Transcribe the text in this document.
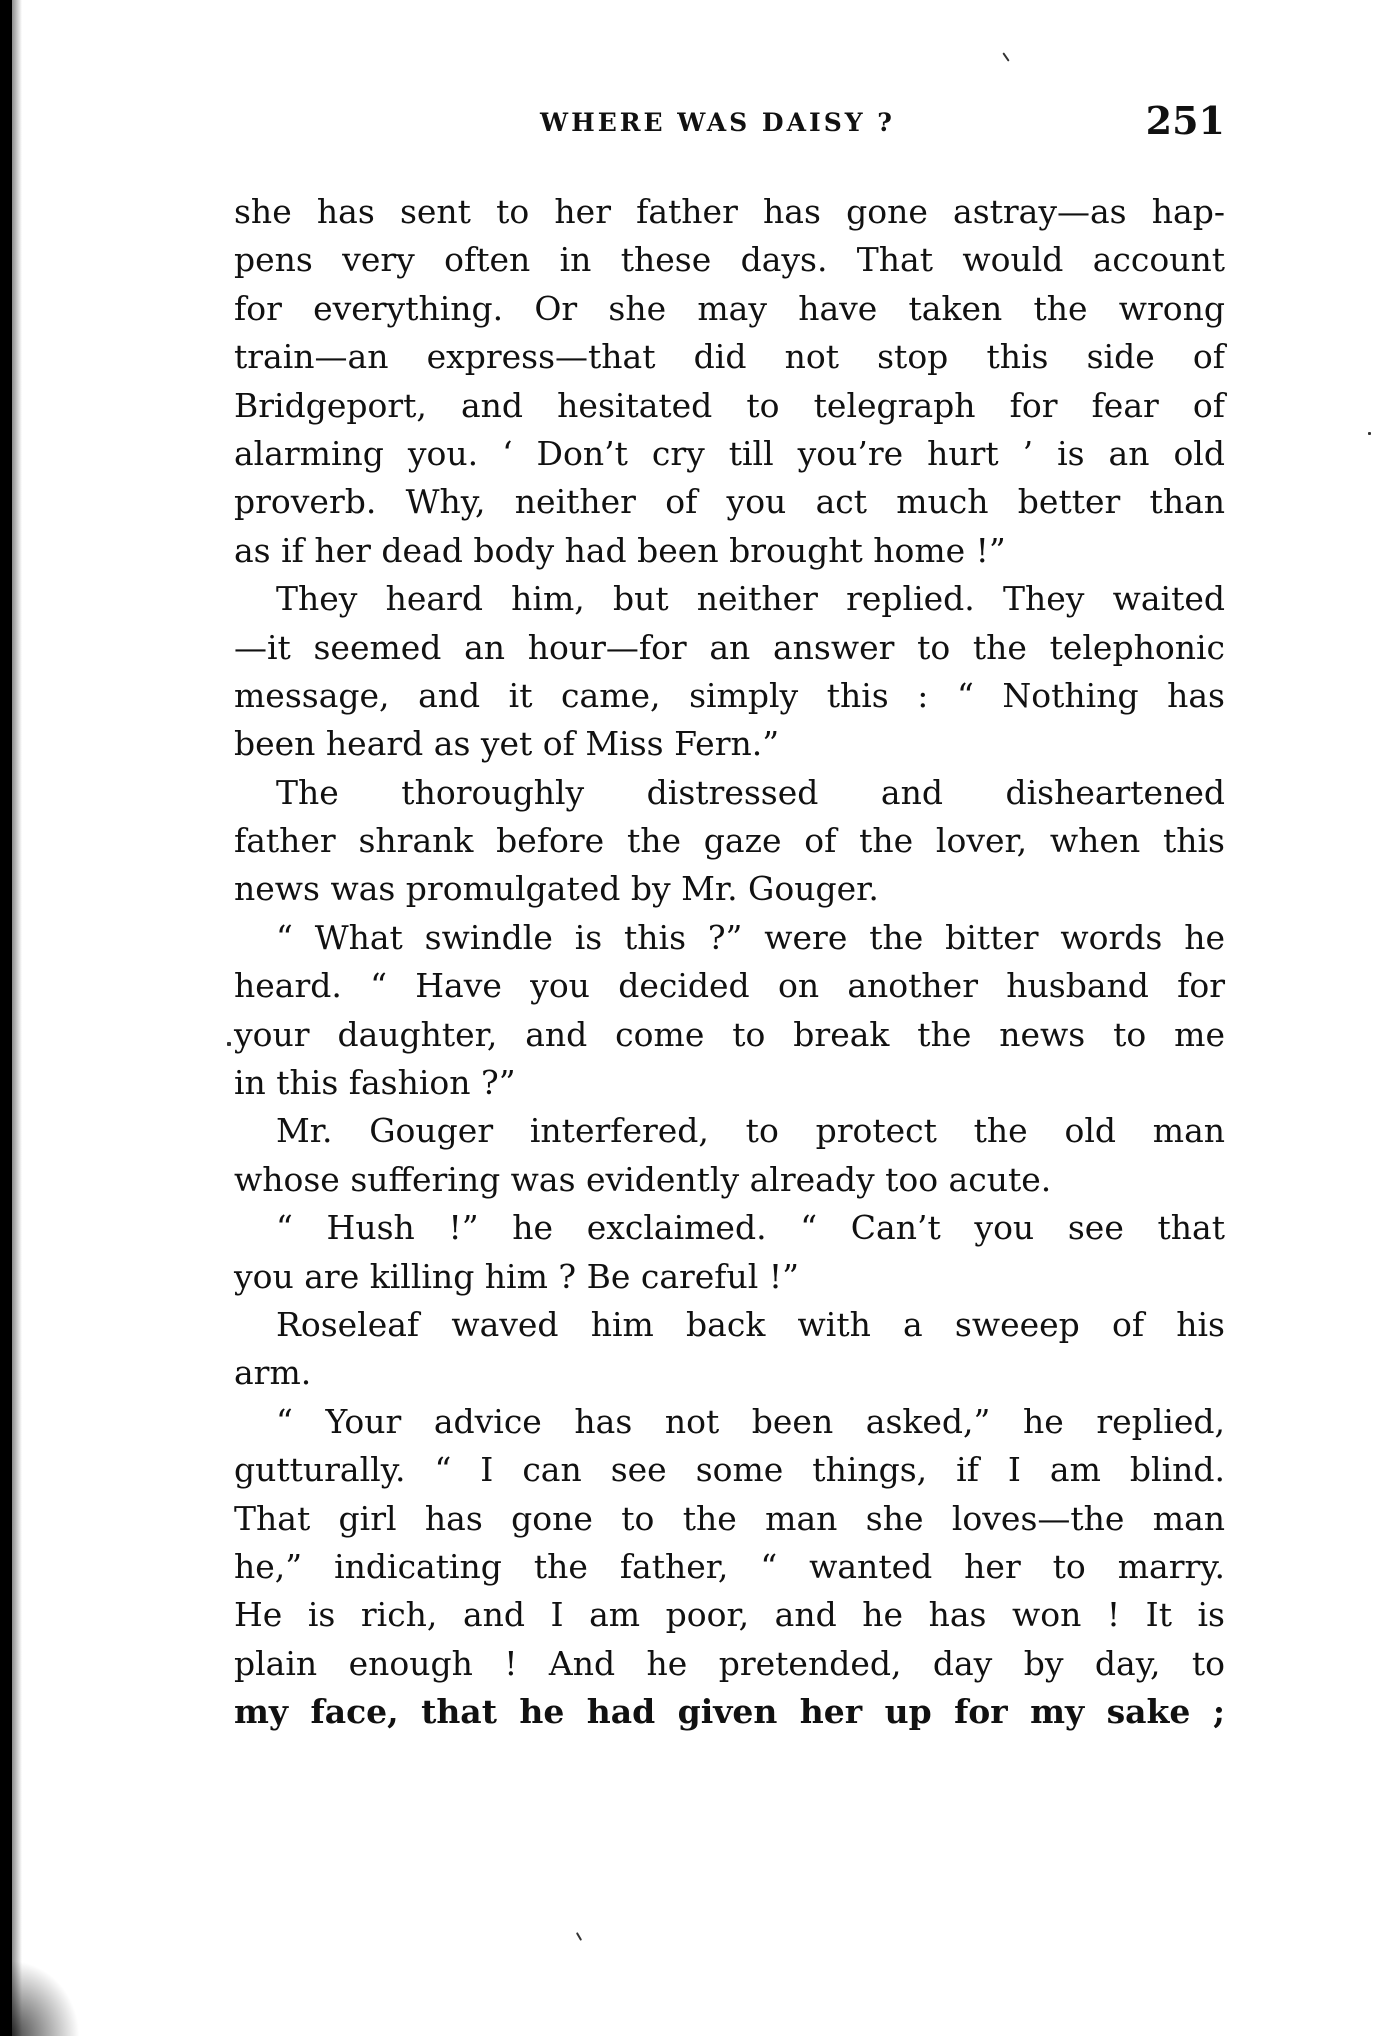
WHERE WAS DAISY ?	251
she has sent to her father has gone astray—as hap-
pens very often in these days. That would account
for everything. Or she may have taken the wrong
train—an express—that did not stop this side of
Bridgeport, and hesitated to telegraph for fear of
alarming you. ‘ Don’t cry till you’re hurt ’ is an old
proverb. Why, neither of you act much better than
as if her dead body had been brought home !”
They heard him, but neither replied. They waited
—it seemed an hour—for an answer to the telephonic
message, and it came, simply this : “ Nothing has
been heard as yet of Miss Fern.”
The thoroughly distressed and disheartened
father shrank before the gaze of the lover, when this
news was promulgated by Mr. Gouger.
“ What swindle is this ?” were the bitter words he
heard. “ Have you decided on another husband for
your daughter, and come to break the news to me
in this fashion ?”
Mr. Gouger interfered, to protect the old man
whose suffering was evidently already too acute.
“ Hush !” he exclaimed. “ Can’t you see that
you are killing him ? Be careful !”
Roseleaf waved him back with a sweeep of his
arm.
“ Your advice has not been asked,” he replied,
gutturally. “ I can see some things, if I am blind.
That girl has gone to the man she loves—the man
he,” indicating the father, “ wanted her to marry.
He is rich, and I am poor, and he has won ! It is
plain enough ! And he pretended, day by day, to
my face, that he had given her up for my sake ;
